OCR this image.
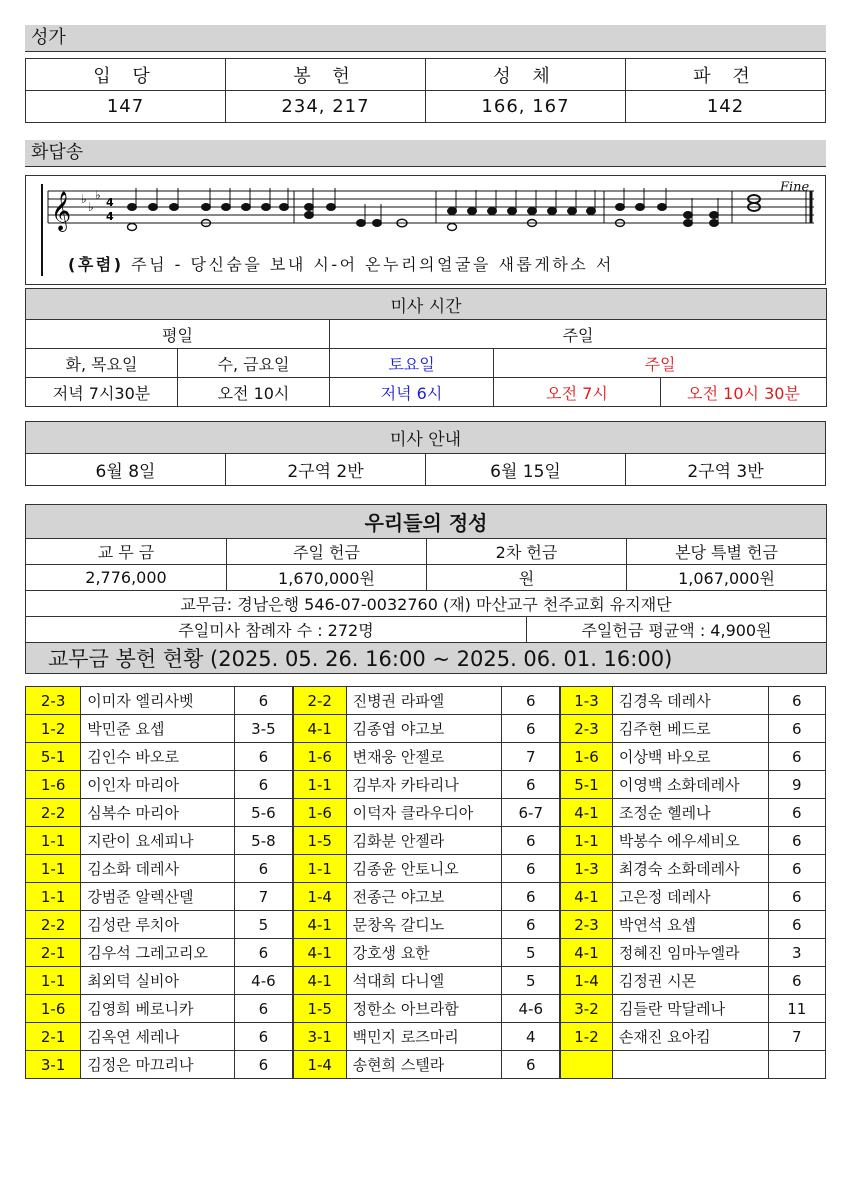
성가
입 당	봉 헌	성 체	파 견
147	234, 217	166, 167	142
화답송
𝄞 ♭
♭
♭
4
4
Fine
(후렴) 주님 - 당신숨을 보내 시-어 온누리의얼굴을 새롭게하소 서
미사 시간				
평일		주일		
화, 목요일	수, 금요일	토요일	주일	
저녁 7시30분	오전 10시	저녁 6시	오전 7시	오전 10시 30분
미사 안내
6월 8일	2구역 2반	6월 15일	2구역 3반
우리들의 정성				
교 무 금	주일 헌금	2차 헌금		본당 특별 헌금
2,776,000	1,670,000원	원		1,067,000원
교무금: 경남은행 546-07-0032760 (재) 마산교구 천주교회 유지재단				
주일미사 참례자 수 : 272명			주일헌금 평균액 : 4,900원	
교무금 봉헌 현황 (2025. 05. 26. 16:00 ~ 2025. 06. 01. 16:00)				
2-3	이미자 엘리사벳	6	2-2	진병권 라파엘	6	1-3	김경옥 데레사	6
1-2	박민준 요셉	3-5	4-1	김종엽 야고보	6	2-3	김주현 베드로	6
5-1	김인수 바오로	6	1-6	변재웅 안젤로	7	1-6	이상백 바오로	6
1-6	이인자 마리아	6	1-1	김부자 카타리나	6	5-1	이영백 소화데레사	9
2-2	심복수 마리아	5-6	1-6	이덕자 클라우디아	6-7	4-1	조정순 헬레나	6
1-1	지란이 요세피나	5-8	1-5	김화분 안젤라	6	1-1	박봉수 에우세비오	6
1-1	김소화 데레사	6	1-1	김종윤 안토니오	6	1-3	최경숙 소화데레사	6
1-1	강범준 알렉산델	7	1-4	전종근 야고보	6	4-1	고은정 데레사	6
2-2	김성란 루치아	5	4-1	문창옥 갈디노	6	2-3	박연석 요셉	6
2-1	김우석 그레고리오	6	4-1	강호생 요한	5	4-1	정혜진 임마누엘라	3
1-1	최외덕 실비아	4-6	4-1	석대희 다니엘	5	1-4	김정권 시몬	6
1-6	김영희 베로니카	6	1-5	정한소 아브라함	4-6	3-2	김들란 막달레나	11
2-1	김옥연 세레나	6	3-1	백민지 로즈마리	4	1-2	손재진 요아킴	7
3-1	김정은 마끄리나	6	1-4	송현희 스텔라	6			
